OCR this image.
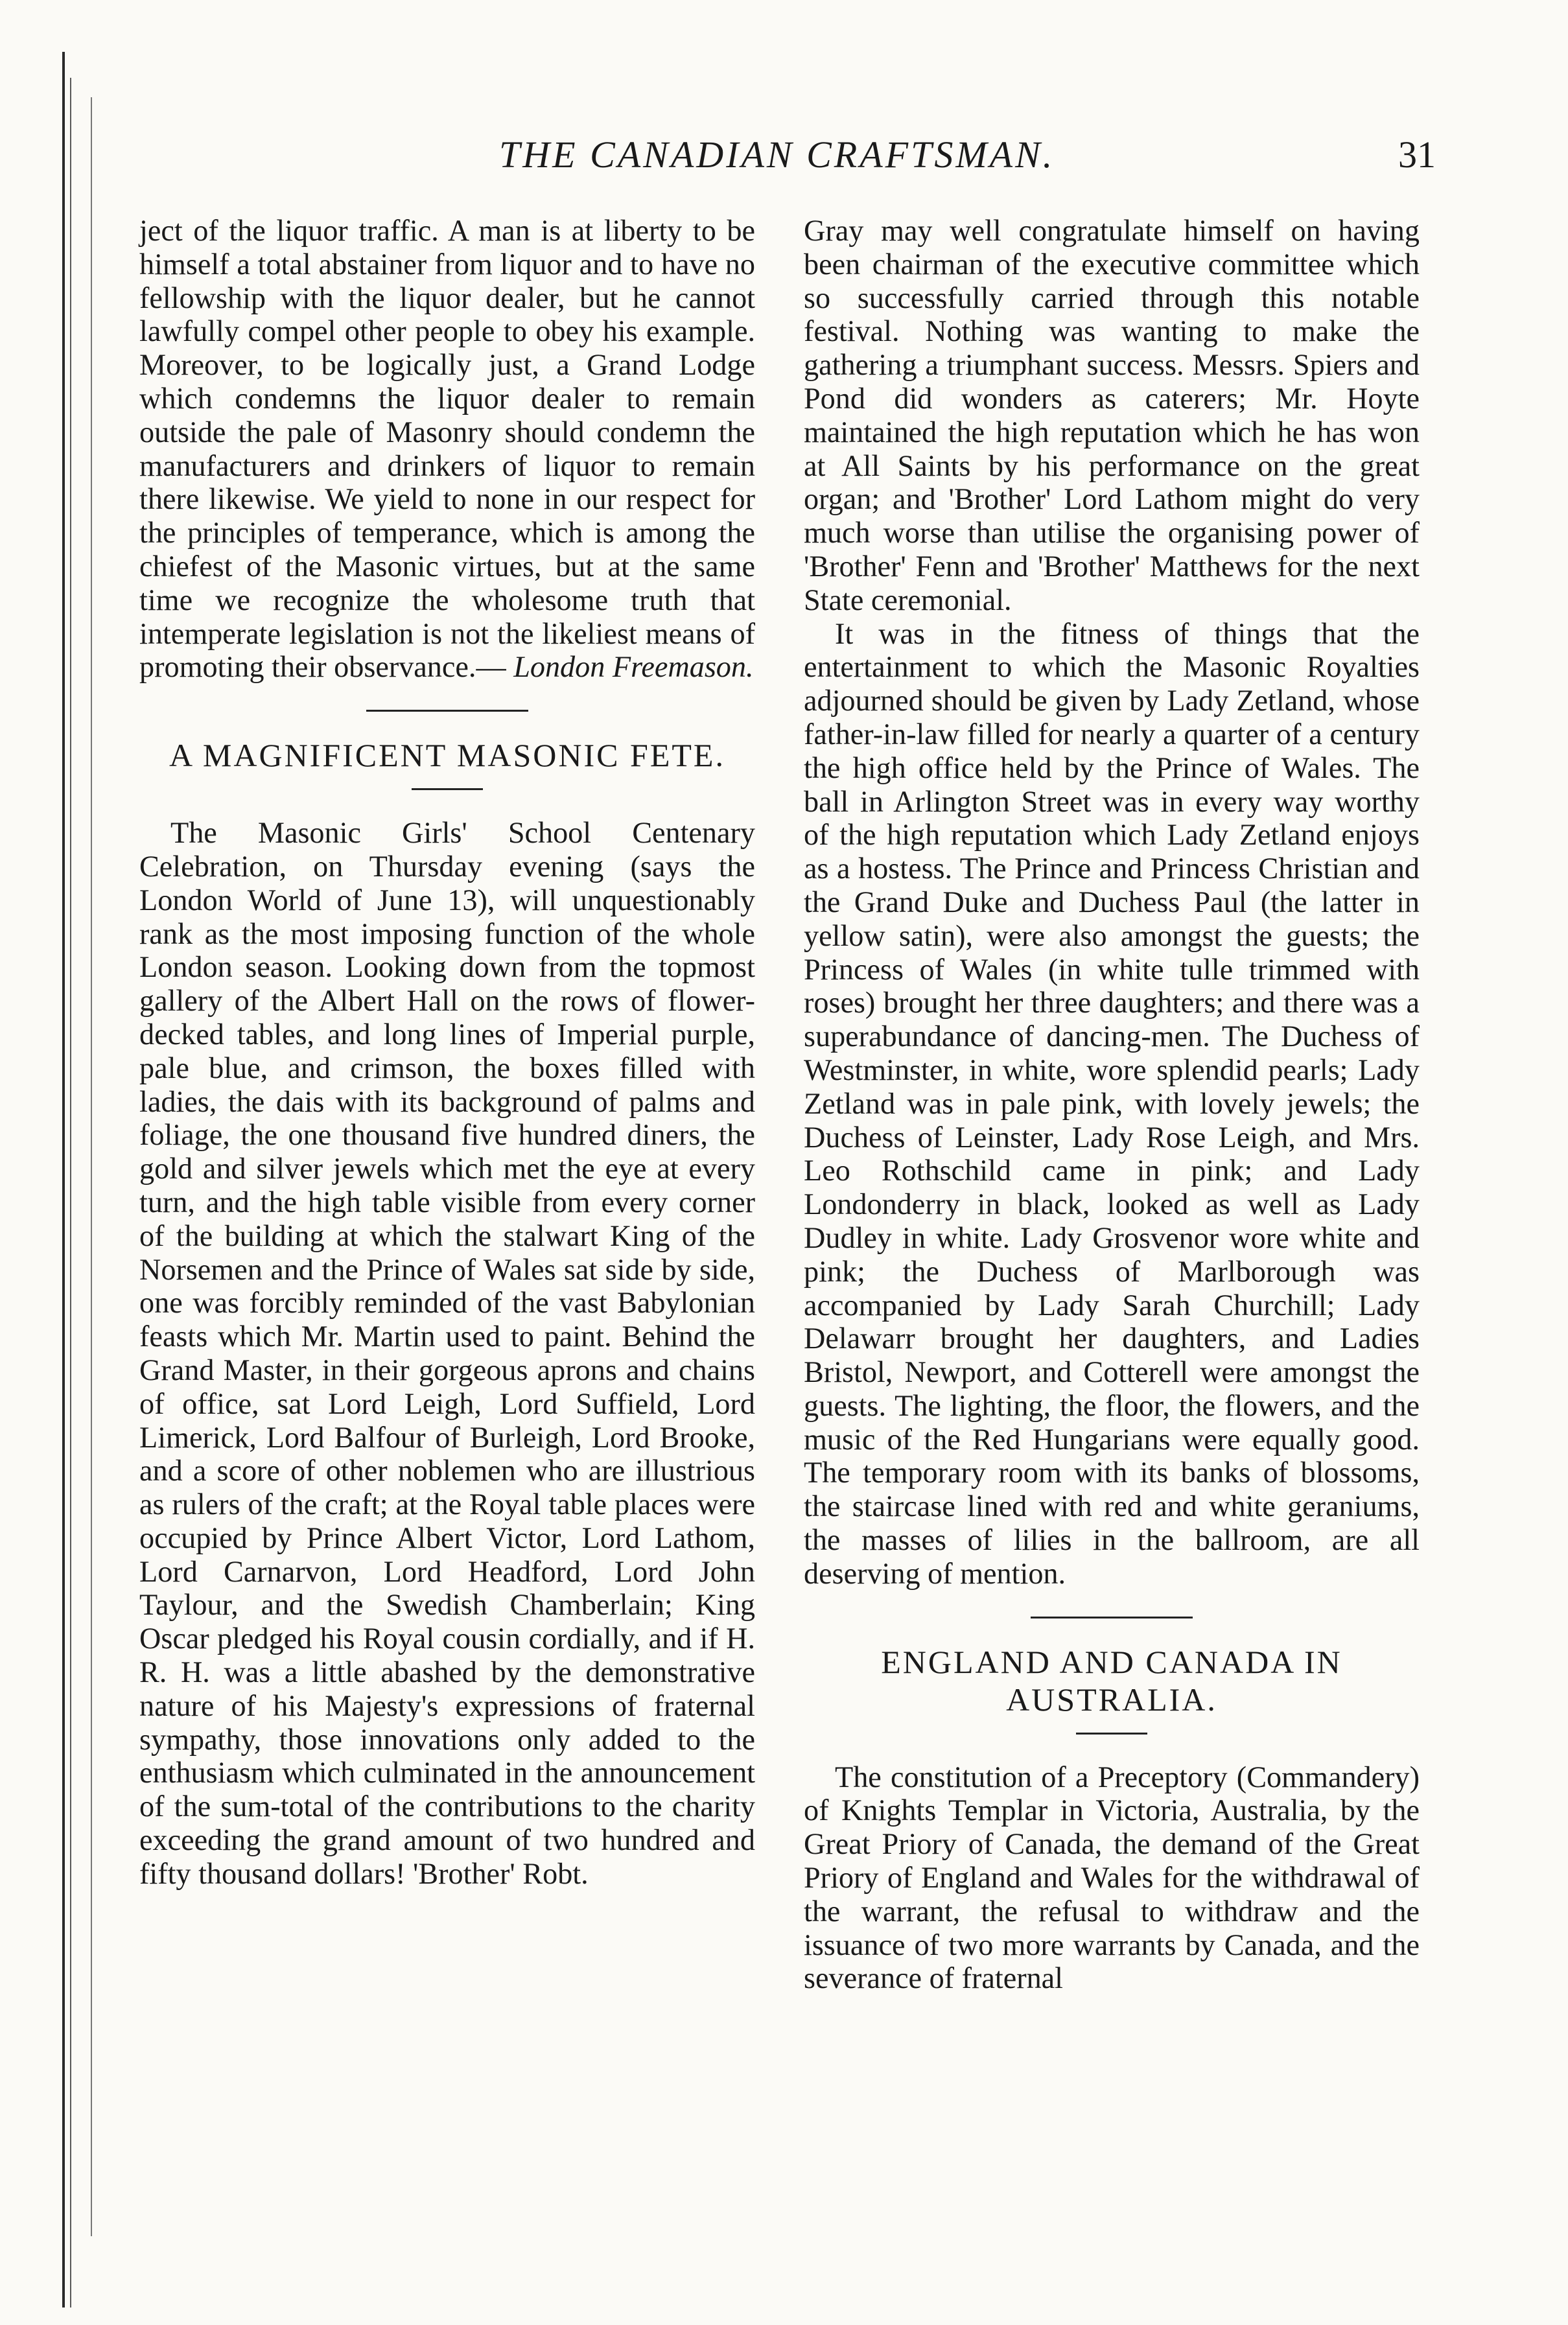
THE CANADIAN CRAFTSMAN.	31

ject of the liquor traffic. A man is at liberty to be himself a total abstainer from liquor and to have no fellowship with the liquor dealer, but he cannot lawfully compel other people to obey his example. Moreover, to be logically just, a Grand Lodge which condemns the liquor dealer to remain outside the pale of Masonry should condemn the manufacturers and drinkers of liquor to remain there likewise. We yield to none in our respect for the principles of temperance, which is among the chiefest of the Masonic virtues, but at the same time we recognize the wholesome truth that intemperate legislation is not the likeliest means of promoting their observance.— London Freemason.

A MAGNIFICENT MASONIC FETE.

The Masonic Girls' School Centenary Celebration, on Thursday evening (says the London World of June 13), will unquestionably rank as the most imposing function of the whole London season. Looking down from the topmost gallery of the Albert Hall on the rows of flower-decked tables, and long lines of Imperial purple, pale blue, and crimson, the boxes filled with ladies, the dais with its background of palms and foliage, the one thousand five hundred diners, the gold and silver jewels which met the eye at every turn, and the high table visible from every corner of the building at which the stalwart King of the Norsemen and the Prince of Wales sat side by side, one was forcibly reminded of the vast Babylonian feasts which Mr. Martin used to paint. Behind the Grand Master, in their gorgeous aprons and chains of office, sat Lord Leigh, Lord Suffield, Lord Limerick, Lord Balfour of Burleigh, Lord Brooke, and a score of other noblemen who are illustrious as rulers of the craft; at the Royal table places were occupied by Prince Albert Victor, Lord Lathom, Lord Carnarvon, Lord Headford, Lord John Taylour, and the Swedish Chamberlain; King Oscar pledged his Royal cousin cordially, and if H. R. H. was a little abashed by the demonstrative nature of his Majesty's expressions of fraternal sympathy, those innovations only added to the enthusiasm which culminated in the announcement of the sum-total of the contributions to the charity exceeding the grand amount of two hundred and fifty thousand dollars! 'Brother' Robt.

Gray may well congratulate himself on having been chairman of the executive committee which so successfully carried through this notable festival. Nothing was wanting to make the gathering a triumphant success. Messrs. Spiers and Pond did wonders as caterers; Mr. Hoyte maintained the high reputation which he has won at All Saints by his performance on the great organ; and 'Brother' Lord Lathom might do very much worse than utilise the organising power of 'Brother' Fenn and 'Brother' Matthews for the next State ceremonial.

It was in the fitness of things that the entertainment to which the Masonic Royalties adjourned should be given by Lady Zetland, whose father-in-law filled for nearly a quarter of a century the high office held by the Prince of Wales. The ball in Arlington Street was in every way worthy of the high reputation which Lady Zetland enjoys as a hostess. The Prince and Princess Christian and the Grand Duke and Duchess Paul (the latter in yellow satin), were also amongst the guests; the Princess of Wales (in white tulle trimmed with roses) brought her three daughters; and there was a superabundance of dancing-men. The Duchess of Westminster, in white, wore splendid pearls; Lady Zetland was in pale pink, with lovely jewels; the Duchess of Leinster, Lady Rose Leigh, and Mrs. Leo Rothschild came in pink; and Lady Londonderry in black, looked as well as Lady Dudley in white. Lady Grosvenor wore white and pink; the Duchess of Marlborough was accompanied by Lady Sarah Churchill; Lady Delawarr brought her daughters, and Ladies Bristol, Newport, and Cotterell were amongst the guests. The lighting, the floor, the flowers, and the music of the Red Hungarians were equally good. The temporary room with its banks of blossoms, the staircase lined with red and white geraniums, the masses of lilies in the ballroom, are all deserving of mention.

ENGLAND AND CANADA IN AUSTRALIA.

The constitution of a Preceptory (Commandery) of Knights Templar in Victoria, Australia, by the Great Priory of Canada, the demand of the Great Priory of England and Wales for the withdrawal of the warrant, the refusal to withdraw and the issuance of two more warrants by Canada, and the severance of fraternal
